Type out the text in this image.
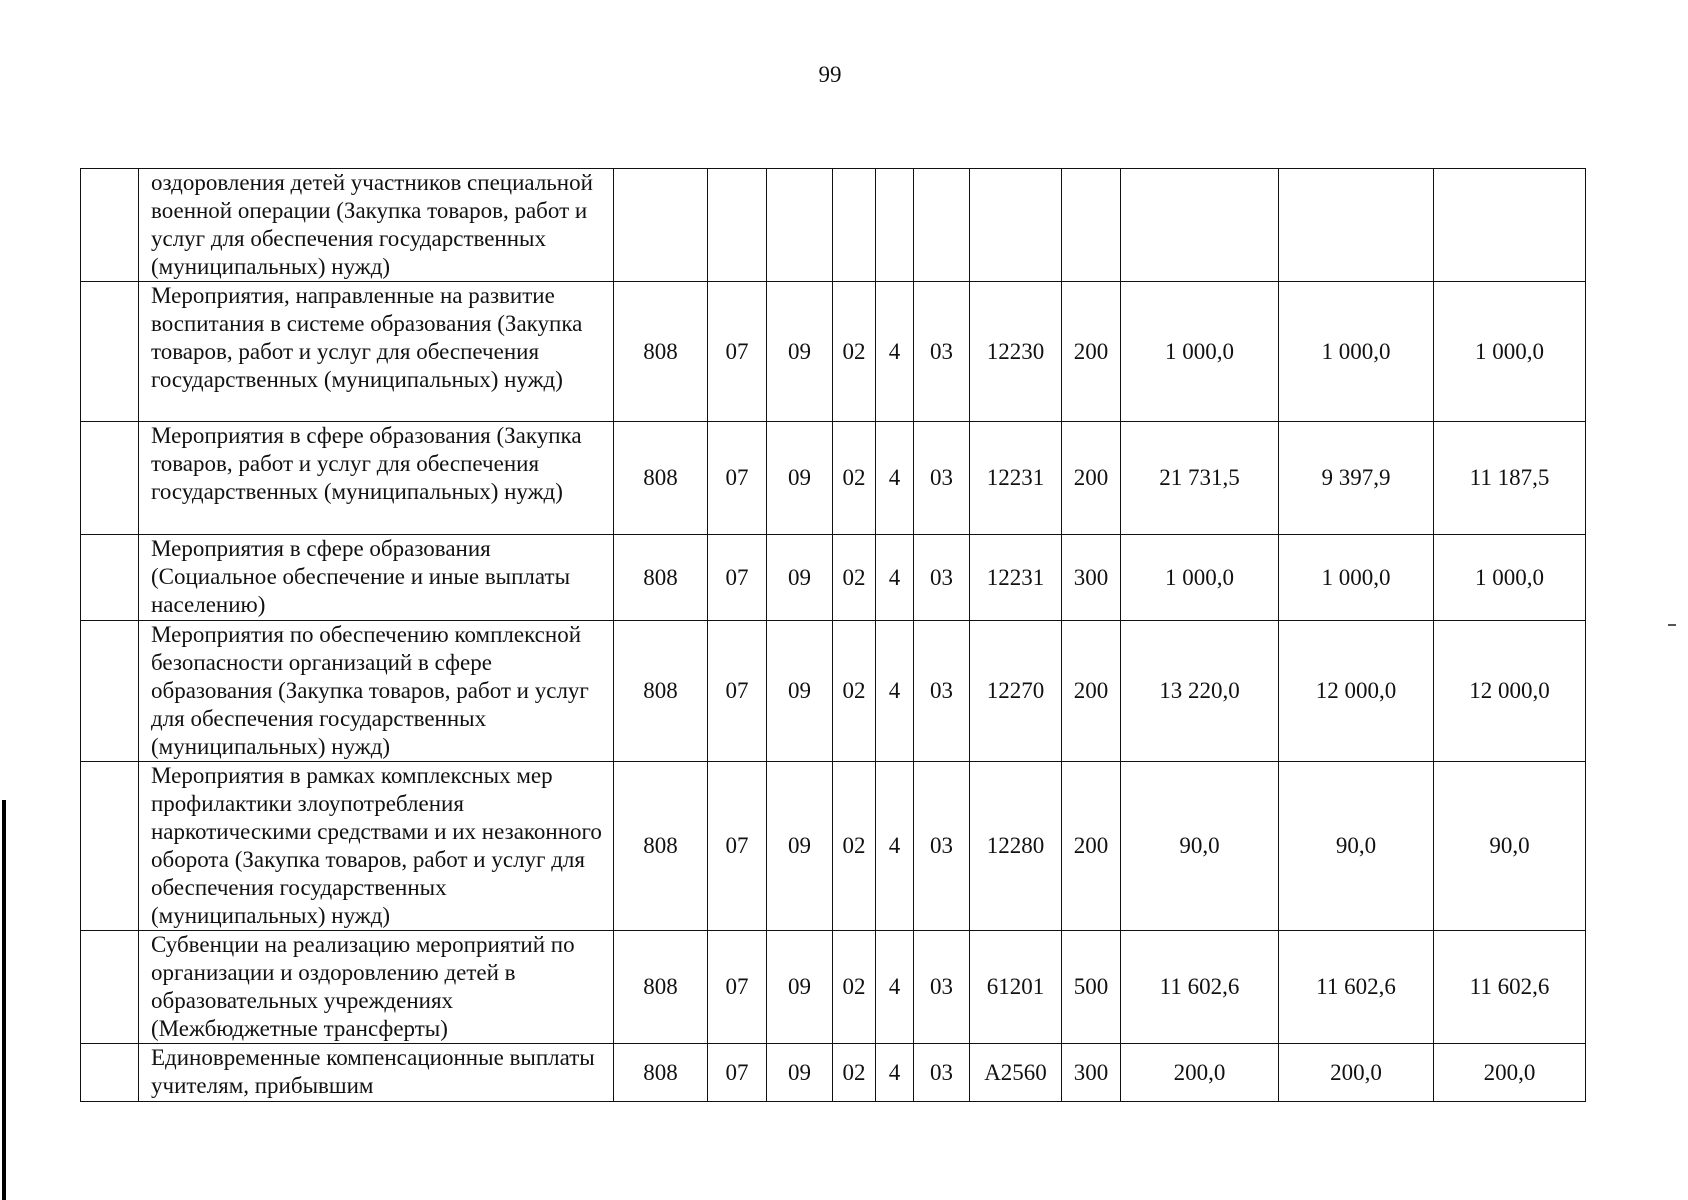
99
	оздоровления детей участников специальной военной операции (Закупка товаров, работ и услуг для обеспечения государственных (муниципальных) нужд)											
	Мероприятия, направленные на развитие воспитания в системе образования (Закупка товаров, работ и услуг для обеспечения государственных (муниципальных) нужд)	808	07	09	02	4	03	12230	200	1 000,0	1 000,0	1 000,0
	Мероприятия в сфере образования (Закупка товаров, работ и услуг для обеспечения государственных (муниципальных) нужд)	808	07	09	02	4	03	12231	200	21 731,5	9 397,9	11 187,5
	Мероприятия в сфере образования (Социальное обеспечение и иные выплаты населению)	808	07	09	02	4	03	12231	300	1 000,0	1 000,0	1 000,0
	Мероприятия по обеспечению комплексной безопасности организаций в сфере образования (Закупка товаров, работ и услуг для обеспечения государственных (муниципальных) нужд)	808	07	09	02	4	03	12270	200	13 220,0	12 000,0	12 000,0
	Мероприятия в рамках комплексных мер профилактики злоупотребления наркотическими средствами и их незаконного оборота (Закупка товаров, работ и услуг для обеспечения государственных (муниципальных) нужд)	808	07	09	02	4	03	12280	200	90,0	90,0	90,0
	Субвенции на реализацию мероприятий по организации и оздоровлению детей в образовательных учреждениях (Межбюджетные трансферты)	808	07	09	02	4	03	61201	500	11 602,6	11 602,6	11 602,6
	Единовременные компенсационные выплаты учителям, прибывшим	808	07	09	02	4	03	А2560	300	200,0	200,0	200,0
